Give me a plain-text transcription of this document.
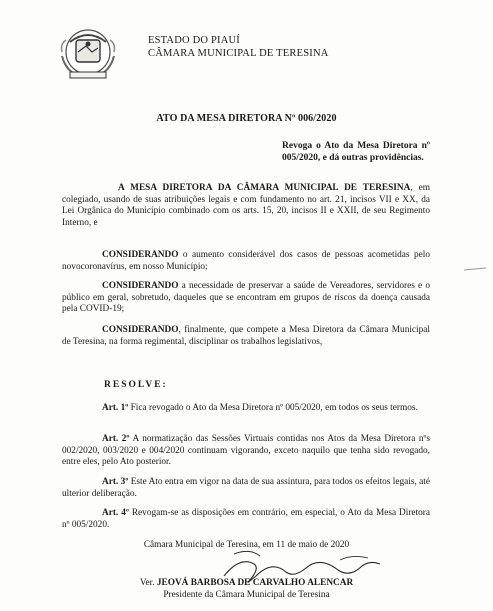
ESTADO DO PIAUÍ
CÂMARA MUNICIPAL DE TERESINA
ATO DA MESA DIRETORA Nº 006/2020
Revoga o Ato da Mesa Diretora nº 005/2020, e dá outras providências.
A MESA DIRETORA DA CÂMARA MUNICIPAL DE TERESINA, em colegiado, usando de suas atribuições legais e com fundamento no art. 21, incisos VII e XX, da Lei Orgânica do Município combinado com os arts. 15, 20, incisos II e XXII, de seu Regimento Interno, e
CONSIDERANDO o aumento considerável dos casos de pessoas acometidas pelo novocoronavírus, em nosso Município;
CONSIDERANDO a necessidade de preservar a saúde de Vereadores, servidores e o público em geral, sobretudo, daqueles que se encontram em grupos de riscos da doença causada pela COVID-19;
CONSIDERANDO, finalmente, que compete a Mesa Diretora da Câmara Municipal de Teresina, na forma regimental, disciplinar os trabalhos legislativos,
RESOLVE:
Art. 1º Fica revogado o Ato da Mesa Diretora nº 005/2020, em todos os seus termos.
Art. 2º A normatização das Sessões Virtuais contidas nos Atos da Mesa Diretora nºs 002/2020, 003/2020 e 004/2020 continuam vigorando, exceto naquilo que tenha sido revogado, entre eles, pelo Ato posterior.
Art. 3º Este Ato entra em vigor na data de sua assintura, para todos os efeitos legais, até ulterior deliberação.
Art. 4º Revogam-se as disposições em contrário, em especial, o Ato da Mesa Diretora nº 005/2020.
Câmara Municipal de Teresina, em 11 de maio de 2020
Ver. JEOVÁ BARBOSA DE CARVALHO ALENCAR
Presidente da Câmara Municipal de Teresina
